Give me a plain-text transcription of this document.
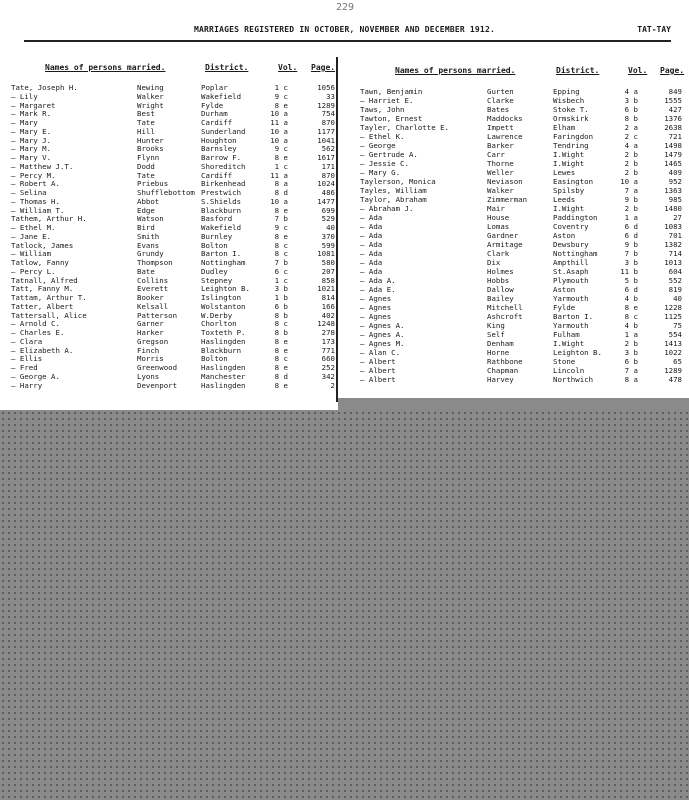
229
MARRIAGES REGISTERED IN OCTOBER, NOVEMBER AND DECEMBER 1912.	TAT-TAY
Names of persons married.	District.	Vol. Page.	Names of persons married.	District.	Vol. Page.
Tate, Joseph H.	Newing	Poplar	1 c	1056
— Lily	Walker	Wakefield	9 c	33
— Margaret	Wright	Fylde	8 e	1289
— Mark R.	Best	Durham	10 a	754
— Mary	Tate	Cardiff	11 a	870
— Mary E.	Hill	Sunderland	10 a	1177
— Mary J.	Hunter	Houghton	10 a	1041
— Mary M.	Brooks	Barnsley	9 c	562
— Mary V.	Flynn	Barrow F.	8 e	1617
— Matthew J.T.	Dodd	Shoreditch	1 c	171
— Percy M.	Tate	Cardiff	11 a	870
— Robert A.	Priebus	Birkenhead	8 a	1024
— Selina	Shufflebottom Prestwich	8 d	486
— Thomas H.	Abbot	S.Shields	10 a	1477
— William T.	Edge	Blackburn	8 e	699
Tathem, Arthur H.	Watson	Basford	7 b	529
— Ethel M.	Bird	Wakefield	9 c	40
— Jane E.	Smith	Burnley	8 e	370
Tatlock, James	Evans	Bolton	8 c	599
— William	Grundy	Barton I.	8 c	1081
Tatlow, Fanny	Thompson	Nottingham	7 b	580
— Percy L.	Bate	Dudley	6 c	207
Tatnall, Alfred	Collins	Stepney	1 c	858
Tatt, Fanny M.	Everett	Leighton B.	3 b	1021
Tattam, Arthur T.	Booker	Islington	1 b	814
Tatter, Albert	Kelsall	Wolstanton	6 b	166
Tattersall, Alice	Patterson	W.Derby	8 b	402
— Arnold C.	Garner	Chorlton	8 c	1248
— Charles E.	Harker	Toxteth P.	8 b	278
— Clara	Gregson	Haslingden	8 e	173
— Elizabeth A.	Finch	Blackburn	8 e	771
— Ellis	Morris	Bolton	8 c	660
— Fred	Greenwood	Haslingden	8 e	252
— George A.	Lyons	Manchester	8 d	342
— Harry	Devenport	Haslingden	8 e	2
Tawn, Benjamin	Gurten	Epping	4 a	849
— Harriet E.	Clarke	Wisbech	3 b	1555
Taws, John	Bates	Stoke T.	6 b	427
Tawton, Ernest	Maddocks	Ormskirk	8 b	1376
Tayler, Charlotte E.	Impett	Elham	2 a	2638
— Ethel K.	Lawrence	Faringdon	2 c	721
— George	Barker	Tendring	4 a	1498
— Gertrude A.	Carr	I.Wight	2 b	1479
— Jessie C.	Thorne	I.Wight	2 b	1465
— Mary G.	Weller	Lewes	2 b	409
Taylerson, Monica	Neviason	Easington	10 a	952
Tayles, William	Walker	Spilsby	7 a	1363
Taylor, Abraham	Zimmerman	Leeds	9 b	985
— Abraham J.	Mair	I.Wight	2 b	1480
— Ada	House	Paddington	1 a	27
— Ada	Lomas	Coventry	6 d	1083
— Ada	Gardner	Aston	6 d	701
— Ada	Armitage	Dewsbury	9 b	1382
— Ada	Clark	Nottingham	7 b	714
— Ada	Dix	Ampthill	3 b	1013
— Ada	Holmes	St.Asaph	11 b	604
— Ada A.	Hobbs	Plymouth	5 b	552
— Ada E.	Dallow	Aston	6 d	819
— Agnes	Bailey	Yarmouth	4 b	40
— Agnes	Mitchell	Fylde	8 e	1228
— Agnes	Ashcroft	Barton I.	8 c	1125
— Agnes A.	King	Yarmouth	4 b	75
— Agnes A.	Self	Fulham	1 a	554
— Agnes M.	Denham	I.Wight	2 b	1413
— Alan C.	Horne	Leighton B.	3 b	1022
— Albert	Rathbone	Stone	6 b	65
— Albert	Chapman	Lincoln	7 a	1289
— Albert	Harvey	Northwich	8 a	478
